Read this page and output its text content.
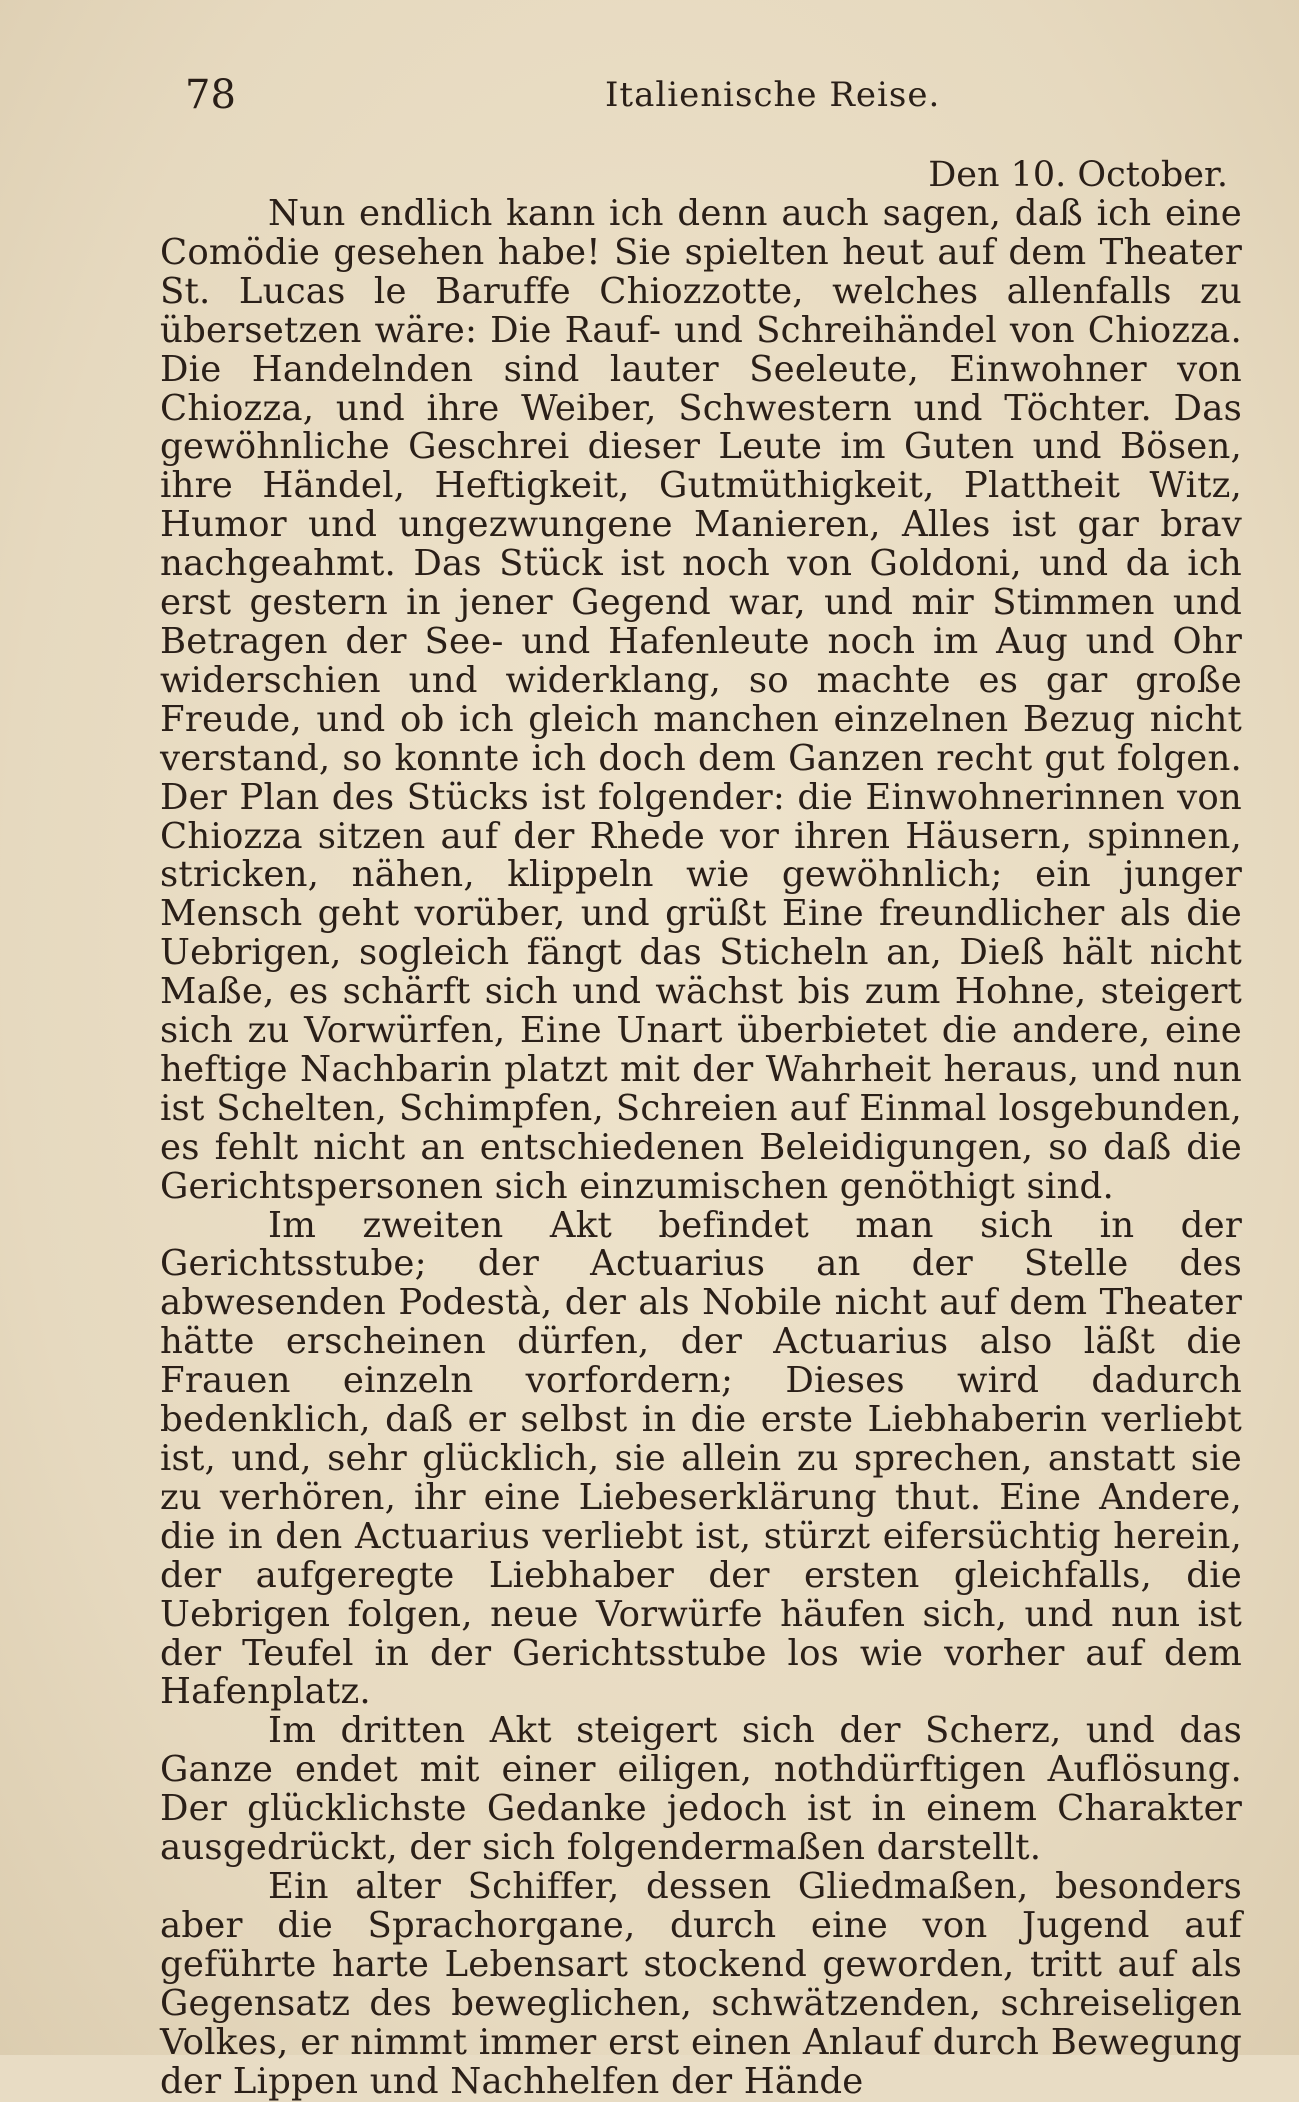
78	Italienische Reise.

Den 10. October.

Nun endlich kann ich denn auch sagen, daß ich eine Comödie gesehen habe! Sie spielten heut auf dem Theater St. Lucas le Baruffe Chiozzotte, welches allenfalls zu übersetzen wäre: Die Rauf- und Schreihändel von Chiozza. Die Handelnden sind lauter Seeleute, Einwohner von Chiozza, und ihre Weiber, Schwestern und Töchter. Das gewöhnliche Geschrei dieser Leute im Guten und Bösen, ihre Händel, Heftigkeit, Gutmüthigkeit, Plattheit Witz, Humor und ungezwungene Manieren, Alles ist gar brav nachgeahmt. Das Stück ist noch von Goldoni, und da ich erst gestern in jener Gegend war, und mir Stimmen und Betragen der See- und Hafenleute noch im Aug und Ohr widerschien und widerklang, so machte es gar große Freude, und ob ich gleich manchen einzelnen Bezug nicht verstand, so konnte ich doch dem Ganzen recht gut folgen. Der Plan des Stücks ist folgender: die Einwohnerinnen von Chiozza sitzen auf der Rhede vor ihren Häusern, spinnen, stricken, nähen, klippeln wie gewöhnlich; ein junger Mensch geht vorüber, und grüßt Eine freundlicher als die Uebrigen, sogleich fängt das Sticheln an, Dieß hält nicht Maße, es schärft sich und wächst bis zum Hohne, steigert sich zu Vorwürfen, Eine Unart überbietet die andere, eine heftige Nachbarin platzt mit der Wahrheit heraus, und nun ist Schelten, Schimpfen, Schreien auf Einmal losgebunden, es fehlt nicht an entschiedenen Beleidigungen, so daß die Gerichtspersonen sich einzumischen genöthigt sind.

Im zweiten Akt befindet man sich in der Gerichtsstube; der Actuarius an der Stelle des abwesenden Podestà, der als Nobile nicht auf dem Theater hätte erscheinen dürfen, der Actuarius also läßt die Frauen einzeln vorfordern; Dieses wird dadurch bedenklich, daß er selbst in die erste Liebhaberin verliebt ist, und, sehr glücklich, sie allein zu sprechen, anstatt sie zu verhören, ihr eine Liebeserklärung thut. Eine Andere, die in den Actuarius verliebt ist, stürzt eifersüchtig herein, der aufgeregte Liebhaber der ersten gleichfalls, die Uebrigen folgen, neue Vorwürfe häufen sich, und nun ist der Teufel in der Gerichtsstube los wie vorher auf dem Hafenplatz.

Im dritten Akt steigert sich der Scherz, und das Ganze endet mit einer eiligen, nothdürftigen Auflösung. Der glücklichste Gedanke jedoch ist in einem Charakter ausgedrückt, der sich folgendermaßen darstellt.

Ein alter Schiffer, dessen Gliedmaßen, besonders aber die Sprachorgane, durch eine von Jugend auf geführte harte Lebensart stockend geworden, tritt auf als Gegensatz des beweglichen, schwätzenden, schreiseligen Volkes, er nimmt immer erst einen Anlauf durch Bewegung der Lippen und Nachhelfen der Hände
